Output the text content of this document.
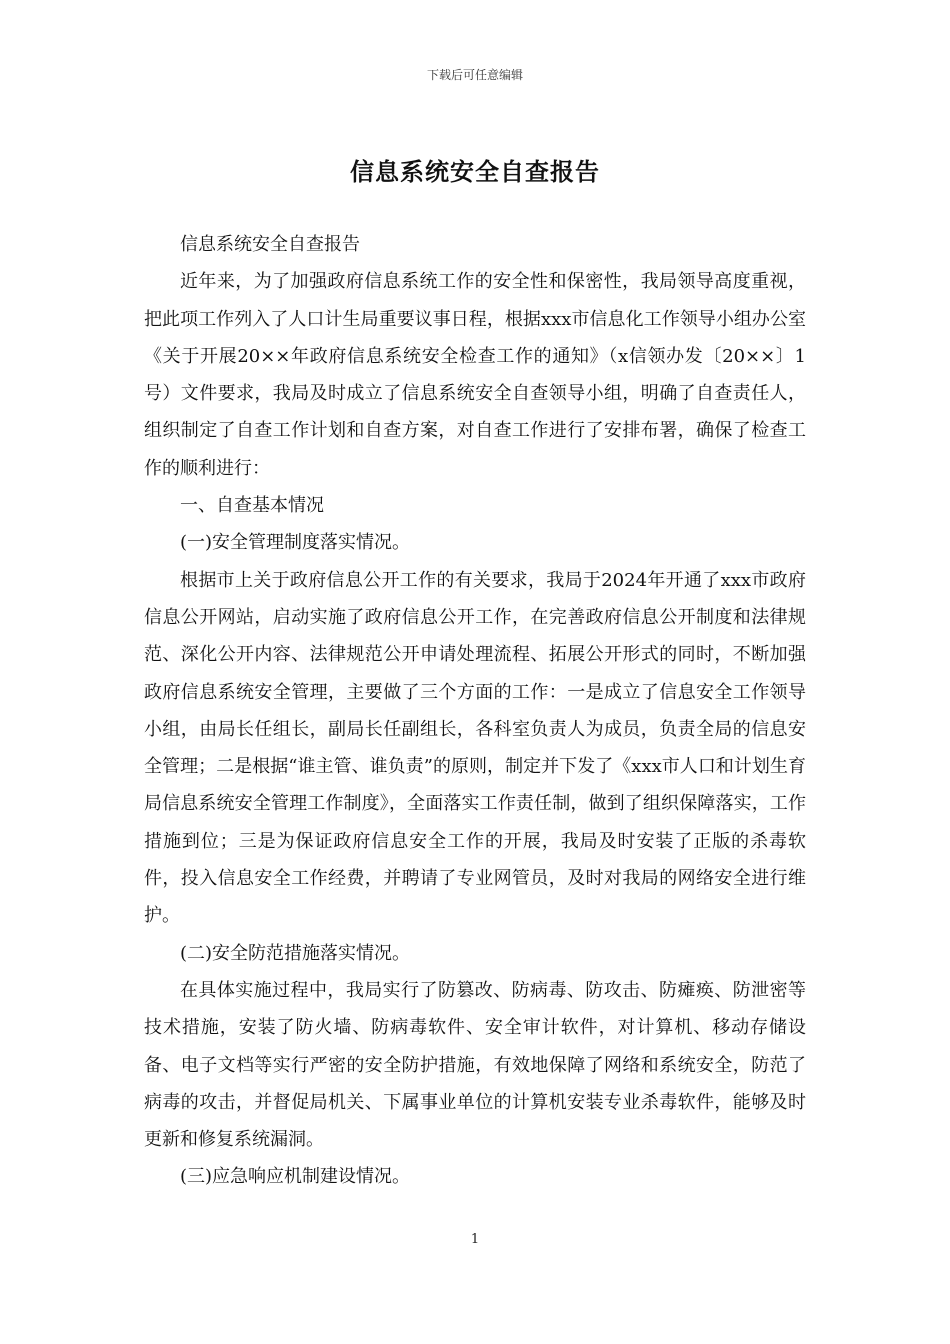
下载后可任意编辑
信息系统安全自查报告

信息系统安全自查报告

近年来，为了加强政府信息系统工作的安全性和保密性，我局领导高度重视，把此项工作列入了人口计生局重要议事日程，根据xxx市信息化工作领导小组办公室《关于开展20××年政府信息系统安全检查工作的通知》（x信领办发〔20××〕1号）文件要求，我局及时成立了信息系统安全自查领导小组，明确了自查责任人，组织制定了自查工作计划和自查方案，对自查工作进行了安排布署，确保了检查工作的顺利进行：

一、自查基本情况

(一)安全管理制度落实情况。

根据市上关于政府信息公开工作的有关要求，我局于2024年开通了xxx市政府信息公开网站，启动实施了政府信息公开工作，在完善政府信息公开制度和法律规范、深化公开内容、法律规范公开申请处理流程、拓展公开形式的同时，不断加强政府信息系统安全管理，主要做了三个方面的工作：一是成立了信息安全工作领导小组，由局长任组长，副局长任副组长，各科室负责人为成员，负责全局的信息安全管理；二是根据“谁主管、谁负责”的原则，制定并下发了《xxx市人口和计划生育局信息系统安全管理工作制度》，全面落实工作责任制，做到了组织保障落实，工作措施到位；三是为保证政府信息安全工作的开展，我局及时安装了正版的杀毒软件，投入信息安全工作经费，并聘请了专业网管员，及时对我局的网络安全进行维护。

(二)安全防范措施落实情况。

在具体实施过程中，我局实行了防篡改、防病毒、防攻击、防瘫痪、防泄密等技术措施，安装了防火墙、防病毒软件、安全审计软件，对计算机、移动存储设备、电子文档等实行严密的安全防护措施，有效地保障了网络和系统安全，防范了病毒的攻击，并督促局机关、下属事业单位的计算机安装专业杀毒软件，能够及时更新和修复系统漏洞。

(三)应急响应机制建设情况。

1
